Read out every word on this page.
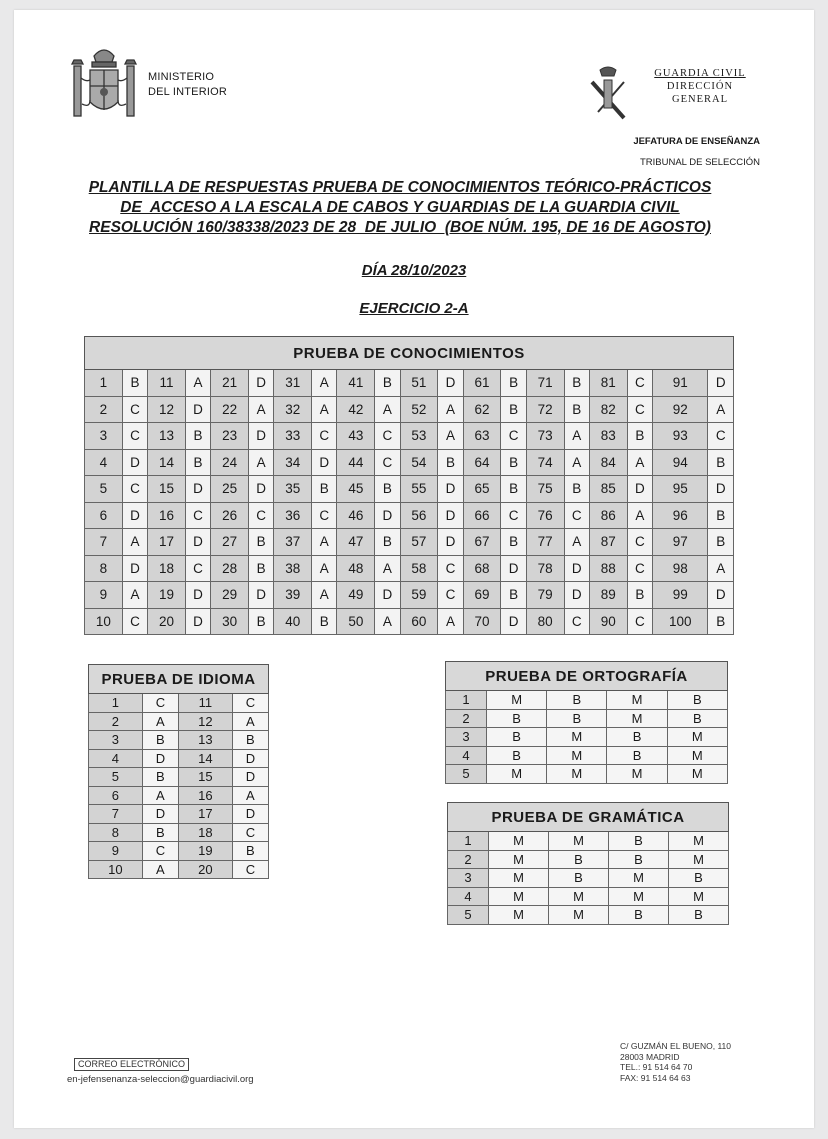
MINISTERIO
DEL INTERIOR
GUARDIA CIVIL
DIRECCIÓN GENERAL
JEFATURA DE ENSEÑANZA
TRIBUNAL DE SELECCIÓN
PLANTILLA DE RESPUESTAS PRUEBA DE CONOCIMIENTOS TEÓRICO-PRÁCTICOS
DE  ACCESO A LA ESCALA DE CABOS Y GUARDIAS DE LA GUARDIA CIVIL
RESOLUCIÓN 160/38338/2023 DE 28  DE JULIO  (BOE NÚM. 195, DE 16 DE AGOSTO)
DÍA 28/10/2023
EJERCICIO 2-A
PRUEBA DE CONOCIMIENTOS																			
1	B	11	A	21	D	31	A	41	B	51	D	61	B	71	B	81	C	91	D
2	C	12	D	22	A	32	A	42	A	52	A	62	B	72	B	82	C	92	A
3	C	13	B	23	D	33	C	43	C	53	A	63	C	73	A	83	B	93	C
4	D	14	B	24	A	34	D	44	C	54	B	64	B	74	A	84	A	94	B
5	C	15	D	25	D	35	B	45	B	55	D	65	B	75	B	85	D	95	D
6	D	16	C	26	C	36	C	46	D	56	D	66	C	76	C	86	A	96	B
7	A	17	D	27	B	37	A	47	B	57	D	67	B	77	A	87	C	97	B
8	D	18	C	28	B	38	A	48	A	58	C	68	D	78	D	88	C	98	A
9	A	19	D	29	D	39	A	49	D	59	C	69	B	79	D	89	B	99	D
10	C	20	D	30	B	40	B	50	A	60	A	70	D	80	C	90	C	100	B
PRUEBA DE IDIOMA			
1	C	11	C
2	A	12	A
3	B	13	B
4	D	14	D
5	B	15	D
6	A	16	A
7	D	17	D
8	B	18	C
9	C	19	B
10	A	20	C
PRUEBA DE ORTOGRAFÍA				
1	M	B	M	B
2	B	B	M	B
3	B	M	B	M
4	B	M	B	M
5	M	M	M	M
PRUEBA DE GRAMÁTICA				
1	M	M	B	M
2	M	B	B	M
3	M	B	M	B
4	M	M	M	M
5	M	M	B	B
CORREO ELECTRÓNICO
en-jefensenanza-seleccion@guardiacivil.org
C/ GUZMÁN EL BUENO, 110
28003 MADRID
TEL.: 91 514 64 70
FAX: 91 514 64 63
